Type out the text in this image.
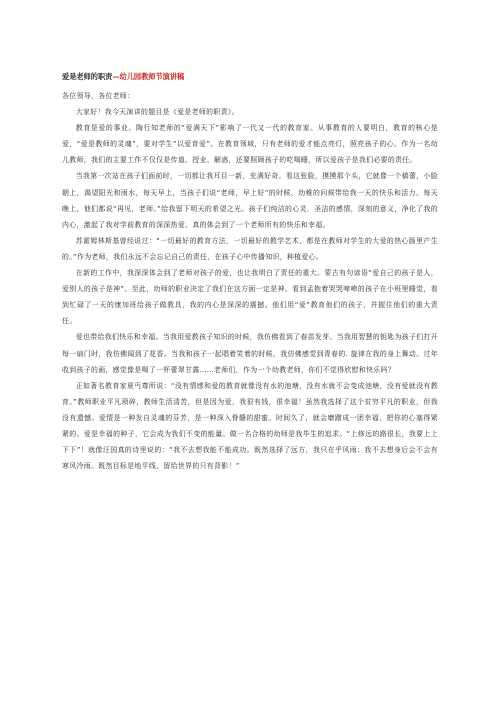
爱是老师的职责—幼儿园教师节演讲稿

各位领导，各位老师：

大家好！我今天演讲的题目是《爱是老师的职责》。

教育是爱的事业。陶行知老师的“爱满天下”影响了一代又一代的教育家。从事教育的人要明白，教育的核心是爱，“爱是教师的灵魂”，要对学生“以爱育爱”。在教育领域，只有老师的爱才能点亮灯，照亮孩子的心。作为一名幼儿教师，我们的主要工作不仅仅是传道、授业、解惑，还要照顾孩子的吃喝睡，所以爱孩子是我们必要的责任。

当我第一次站在孩子们面前时，一切都让我耳目一新，充满好奇。看这张脸，摸摸那个头，它就像一个稿蕾，小脸朝上，渴望阳光和雨水，每天早上，当孩子们说“老师，早上好”的时候，幼稚的问候带给我一天的快乐和活力。每天晚上，他们都说“再见，老师。”给我留下明天的希望之光。孩子们纯洁的心灵，圣洁的感情，深刻的意义，净化了我的内心，激起了我对学前教育的深深热爱。真的体会到了一个老师所有的快乐和幸福。

苏霍姆林斯基曾经说过：“一切最好的教育方法，一切最好的教学艺术，都是在教师对学生的大爱的热心肠里产生的。”作为老师，我们永远不会忘记自己的责任，在孩子心中传播知识，种植爱心。

在新的工作中，我深深体会到了老师对孩子的爱，也让我明白了责任的重大。蒙古有句谚语“爱自己的孩子是人，爱别人的孩子是神”。至此，幼师的职业决定了我们在这方面一定是神。看到孟抱着哭哭啼啼的孩子在小班里睡觉，看到忙碌了一天的康加班给孩子做教具，我的内心是深深的震撼。他们用“爱”教育他们的孩子，并握住他们的重大责任。

爱也带给我们快乐和幸福。当我用爱教孩子知识的时候，我仿佛看到了春苗发芽。当我用智慧的钥匙为孩子们打开每一扇门时，我仿佛闻到了花香。当我和孩子一起唱着笑着的时候，我仿佛感觉到青春的. 旋律在我的身上舞动。过年收到孩子的画，感觉像是喝了一杯蕾翠甘露……老师们，作为一个幼教老师，你们不觉得欣慰和快乐吗？

正如著名教育家夏丐尊所说：“没有情感和爱的教育就像没有水的池塘，没有水就不会变成池塘，没有爱就没有教育。”教师职业平凡琐碎，教师生活清苦，但是因为爱，我很有钱，很幸福！虽然我选择了这个贫穷平凡的职业，但我没有遗憾。爱情是一种发自灵魂的芬芳，是一种深入脊髓的甜蜜。时间久了，就会磨蹭成一团幸福，把你的心塞得紧紧的。爱是幸福的种子，它会成为我们不变的能量。做一名合格的幼师是我毕生的追求。“上修远的路很长，我要上上下下”！就像汪国真的诗里说的：“我不去想我能不能成功。既然选择了远方，我只在乎风雨；我不去想身后会不会有寒风冷雨。既然目标是地平线，留给世界的只有背影！”
